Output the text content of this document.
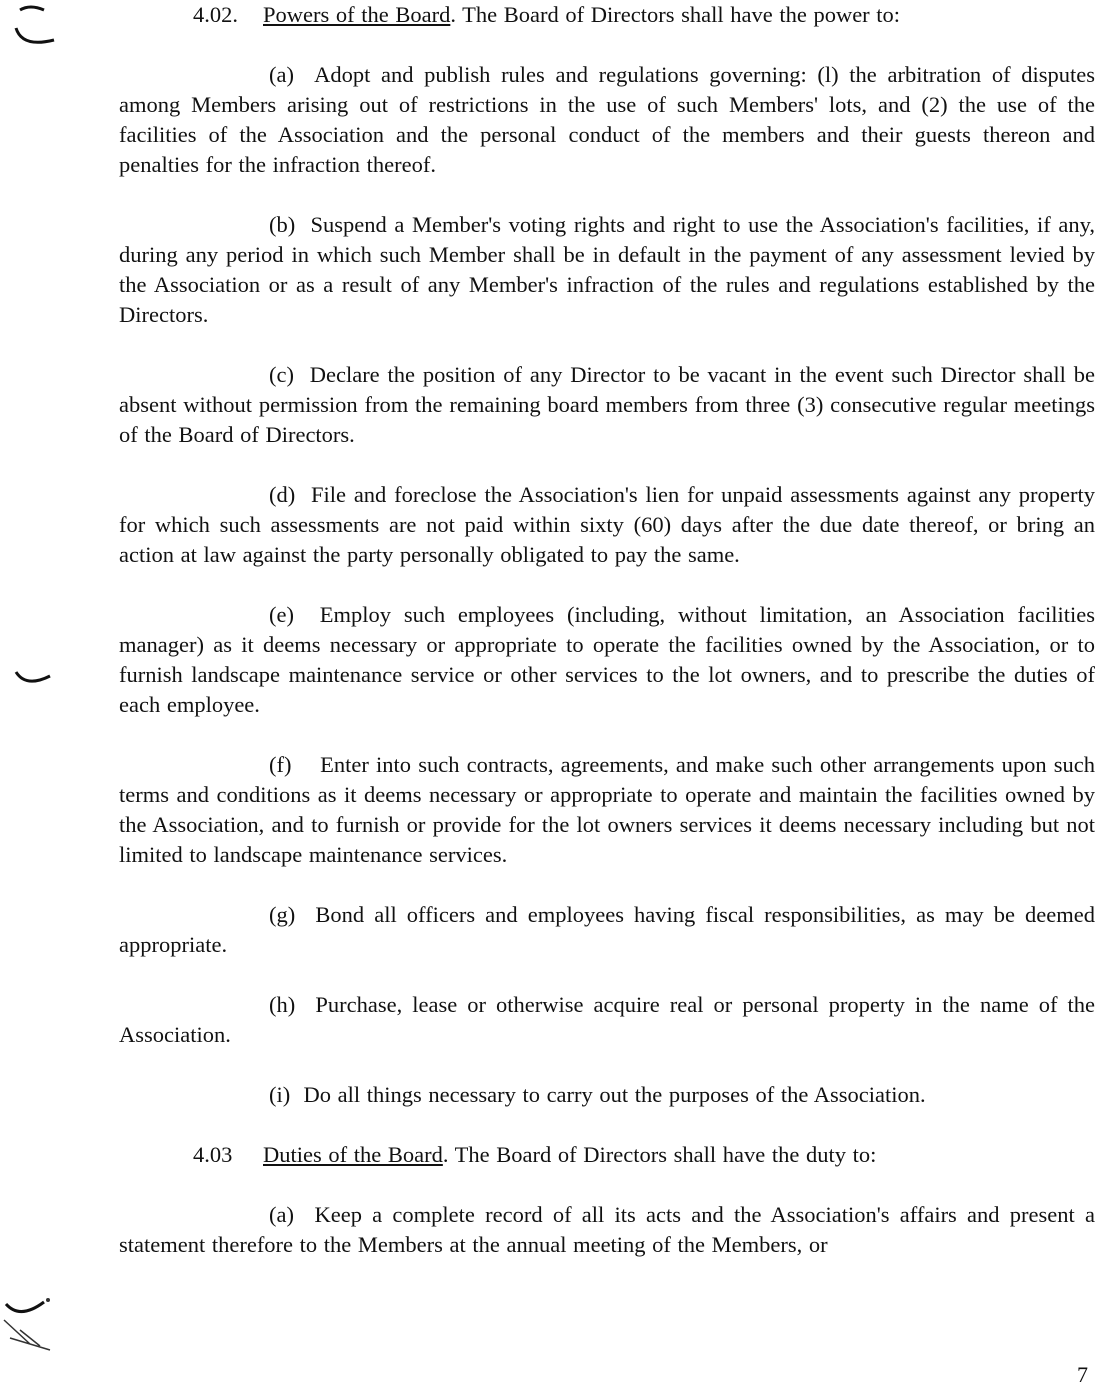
4.02. Powers of the Board. The Board of Directors shall have the power to:

(a) Adopt and publish rules and regulations governing: (l) the arbitration of disputes among Members arising out of restrictions in the use of such Members' lots, and (2) the use of the facilities of the Association and the personal conduct of the members and their guests thereon and penalties for the infraction thereof.

(b) Suspend a Member's voting rights and right to use the Association's facilities, if any, during any period in which such Member shall be in default in the payment of any assessment levied by the Association or as a result of any Member's infraction of the rules and regulations established by the Directors.

(c) Declare the position of any Director to be vacant in the event such Director shall be absent without permission from the remaining board members from three (3) consecutive regular meetings of the Board of Directors.

(d) File and foreclose the Association's lien for unpaid assessments against any property for which such assessments are not paid within sixty (60) days after the due date thereof, or bring an action at law against the party personally obligated to pay the same.

(e) Employ such employees (including, without limitation, an Association facilities manager) as it deems necessary or appropriate to operate the facilities owned by the Association, or to furnish landscape maintenance service or other services to the lot owners, and to prescribe the duties of each employee.

(f) Enter into such contracts, agreements, and make such other arrangements upon such terms and conditions as it deems necessary or appropriate to operate and maintain the facilities owned by the Association, and to furnish or provide for the lot owners services it deems necessary including but not limited to landscape maintenance services.

(g) Bond all officers and employees having fiscal responsibilities, as may be deemed appropriate.

(h) Purchase, lease or otherwise acquire real or personal property in the name of the Association.

(i) Do all things necessary to carry out the purposes of the Association.

4.03 Duties of the Board. The Board of Directors shall have the duty to:

(a) Keep a complete record of all its acts and the Association's affairs and present a statement therefore to the Members at the annual meeting of the Members, or

7
